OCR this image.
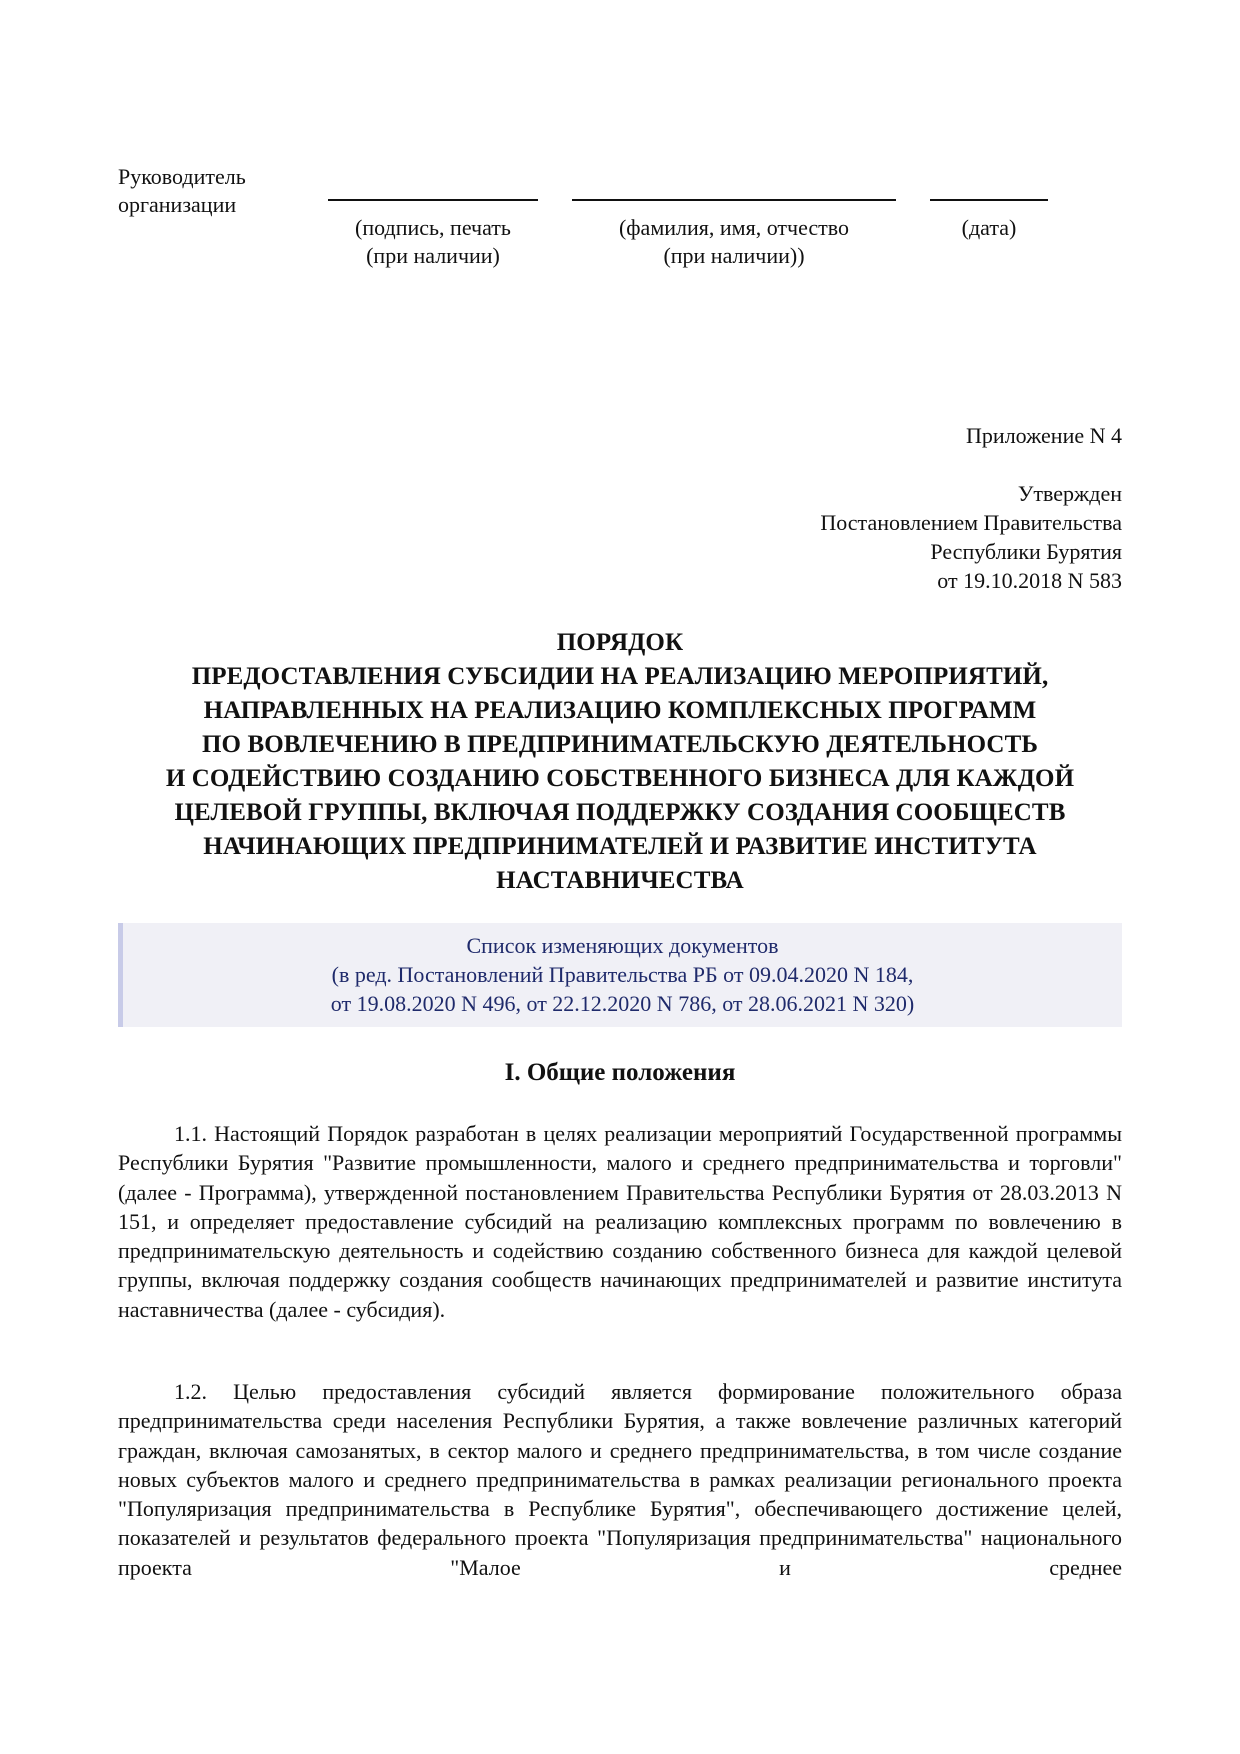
Руководитель
организации
(подпись, печать
(при наличии)
(фамилия, имя, отчество
(при наличии))
(дата)
Приложение N 4
Утвержден
Постановлением Правительства
Республики Бурятия
от 19.10.2018 N 583
ПОРЯДОК
ПРЕДОСТАВЛЕНИЯ СУБСИДИИ НА РЕАЛИЗАЦИЮ МЕРОПРИЯТИЙ,
НАПРАВЛЕННЫХ НА РЕАЛИЗАЦИЮ КОМПЛЕКСНЫХ ПРОГРАММ
ПО ВОВЛЕЧЕНИЮ В ПРЕДПРИНИМАТЕЛЬСКУЮ ДЕЯТЕЛЬНОСТЬ
И СОДЕЙСТВИЮ СОЗДАНИЮ СОБСТВЕННОГО БИЗНЕСА ДЛЯ КАЖДОЙ
ЦЕЛЕВОЙ ГРУППЫ, ВКЛЮЧАЯ ПОДДЕРЖКУ СОЗДАНИЯ СООБЩЕСТВ
НАЧИНАЮЩИХ ПРЕДПРИНИМАТЕЛЕЙ И РАЗВИТИЕ ИНСТИТУТА
НАСТАВНИЧЕСТВА
Список изменяющих документов
(в ред. Постановлений Правительства РБ от 09.04.2020 N 184,
от 19.08.2020 N 496, от 22.12.2020 N 786, от 28.06.2021 N 320)
I. Общие положения

1.1. Настоящий Порядок разработан в целях реализации мероприятий Государственной программы Республики Бурятия "Развитие промышленности, малого и среднего предпринимательства и торговли" (далее - Программа), утвержденной постановлением Правительства Республики Бурятия от 28.03.2013 N 151, и определяет предоставление субсидий на реализацию комплексных программ по вовлечению в предпринимательскую деятельность и содействию созданию собственного бизнеса для каждой целевой группы, включая поддержку создания сообществ начинающих предпринимателей и развитие института наставничества (далее - субсидия).

1.2. Целью предоставления субсидий является формирование положительного образа предпринимательства среди населения Республики Бурятия, а также вовлечение различных категорий граждан, включая самозанятых, в сектор малого и среднего предпринимательства, в том числе создание новых субъектов малого и среднего предпринимательства в рамках реализации регионального проекта "Популяризация предпринимательства в Республике Бурятия", обеспечивающего достижение целей, показателей и результатов федерального проекта "Популяризация предпринимательства" национального проекта "Малое и среднее
